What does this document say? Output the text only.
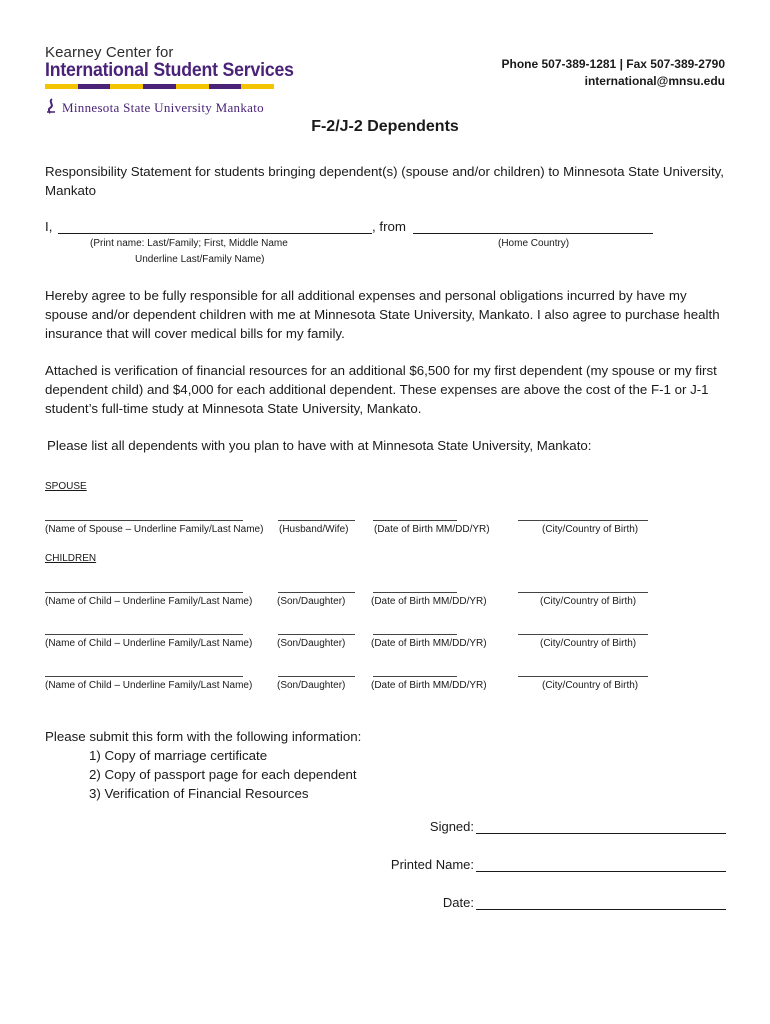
Kearney Center for
International Student Services
Minnesota State University Mankato
Phone 507-389-1281 | Fax 507-389-2790
international@mnsu.edu
F-2/J-2 Dependents
Responsibility Statement for students bringing dependent(s) (spouse and/or children) to Minnesota State University, Mankato
I,	, from
(Print name: Last/Family; First, Middle Name
Underline Last/Family Name)
(Home Country)
Hereby agree to be fully responsible for all additional expenses and personal obligations incurred by have my spouse and/or dependent children with me at Minnesota State University, Mankato. I also agree to purchase health insurance that will cover medical bills for my family.
Attached is verification of financial resources for an additional $6,500 for my first dependent (my spouse or my first dependent child) and $4,000 for each additional dependent. These expenses are above the cost of the F-1 or J-1 student’s full-time study at Minnesota State University, Mankato.
Please list all dependents with you plan to have with at Minnesota State University, Mankato:
SPOUSE
(Name of Spouse – Underline Family/Last Name) (Husband/Wife)	(Date of Birth MM/DD/YR)	(City/Country of Birth)
CHILDREN
(Name of Child – Underline Family/Last Name) (Son/Daughter)	(Date of Birth MM/DD/YR)	(City/Country of Birth)
(Name of Child – Underline Family/Last Name) (Son/Daughter)	(Date of Birth MM/DD/YR)	(City/Country of Birth)
(Name of Child – Underline Family/Last Name) (Son/Daughter)	(Date of Birth MM/DD/YR)	(City/Country of Birth)
Please submit this form with the following information:
1) Copy of marriage certificate
2) Copy of passport page for each dependent
3) Verification of Financial Resources
Signed:
Printed Name:
Date:
